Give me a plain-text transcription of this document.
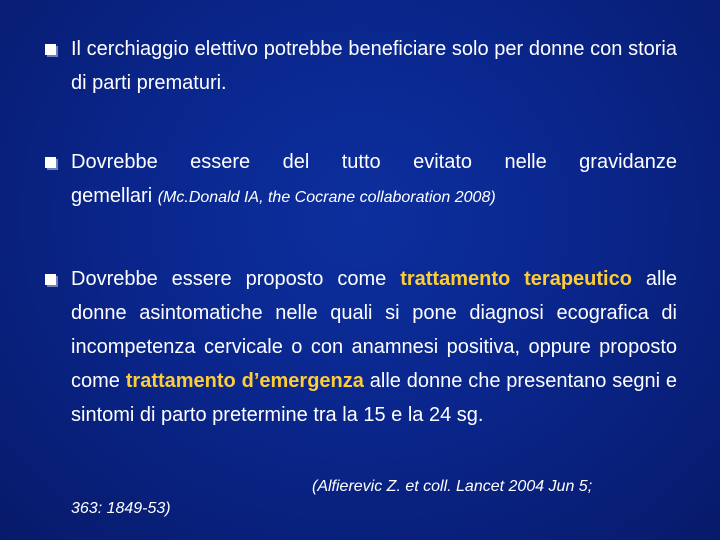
Il cerchiaggio elettivo potrebbe beneficiare solo per donne con storia di parti prematuri.
Dovrebbe essere del tutto evitato nelle gravidanze
gemellari (Mc.Donald IA, the Cocrane collaboration 2008)
Dovrebbe essere proposto come trattamento terapeutico alle donne asintomatiche nelle quali si pone diagnosi ecografica di incompetenza cervicale o con anamnesi positiva, oppure proposto come trattamento d’emergenza alle donne che presentano segni e sintomi di parto pretermine tra la 15 e la 24 sg.
(Alfierevic Z. et coll. Lancet 2004 Jun 5;
363: 1849-53)
